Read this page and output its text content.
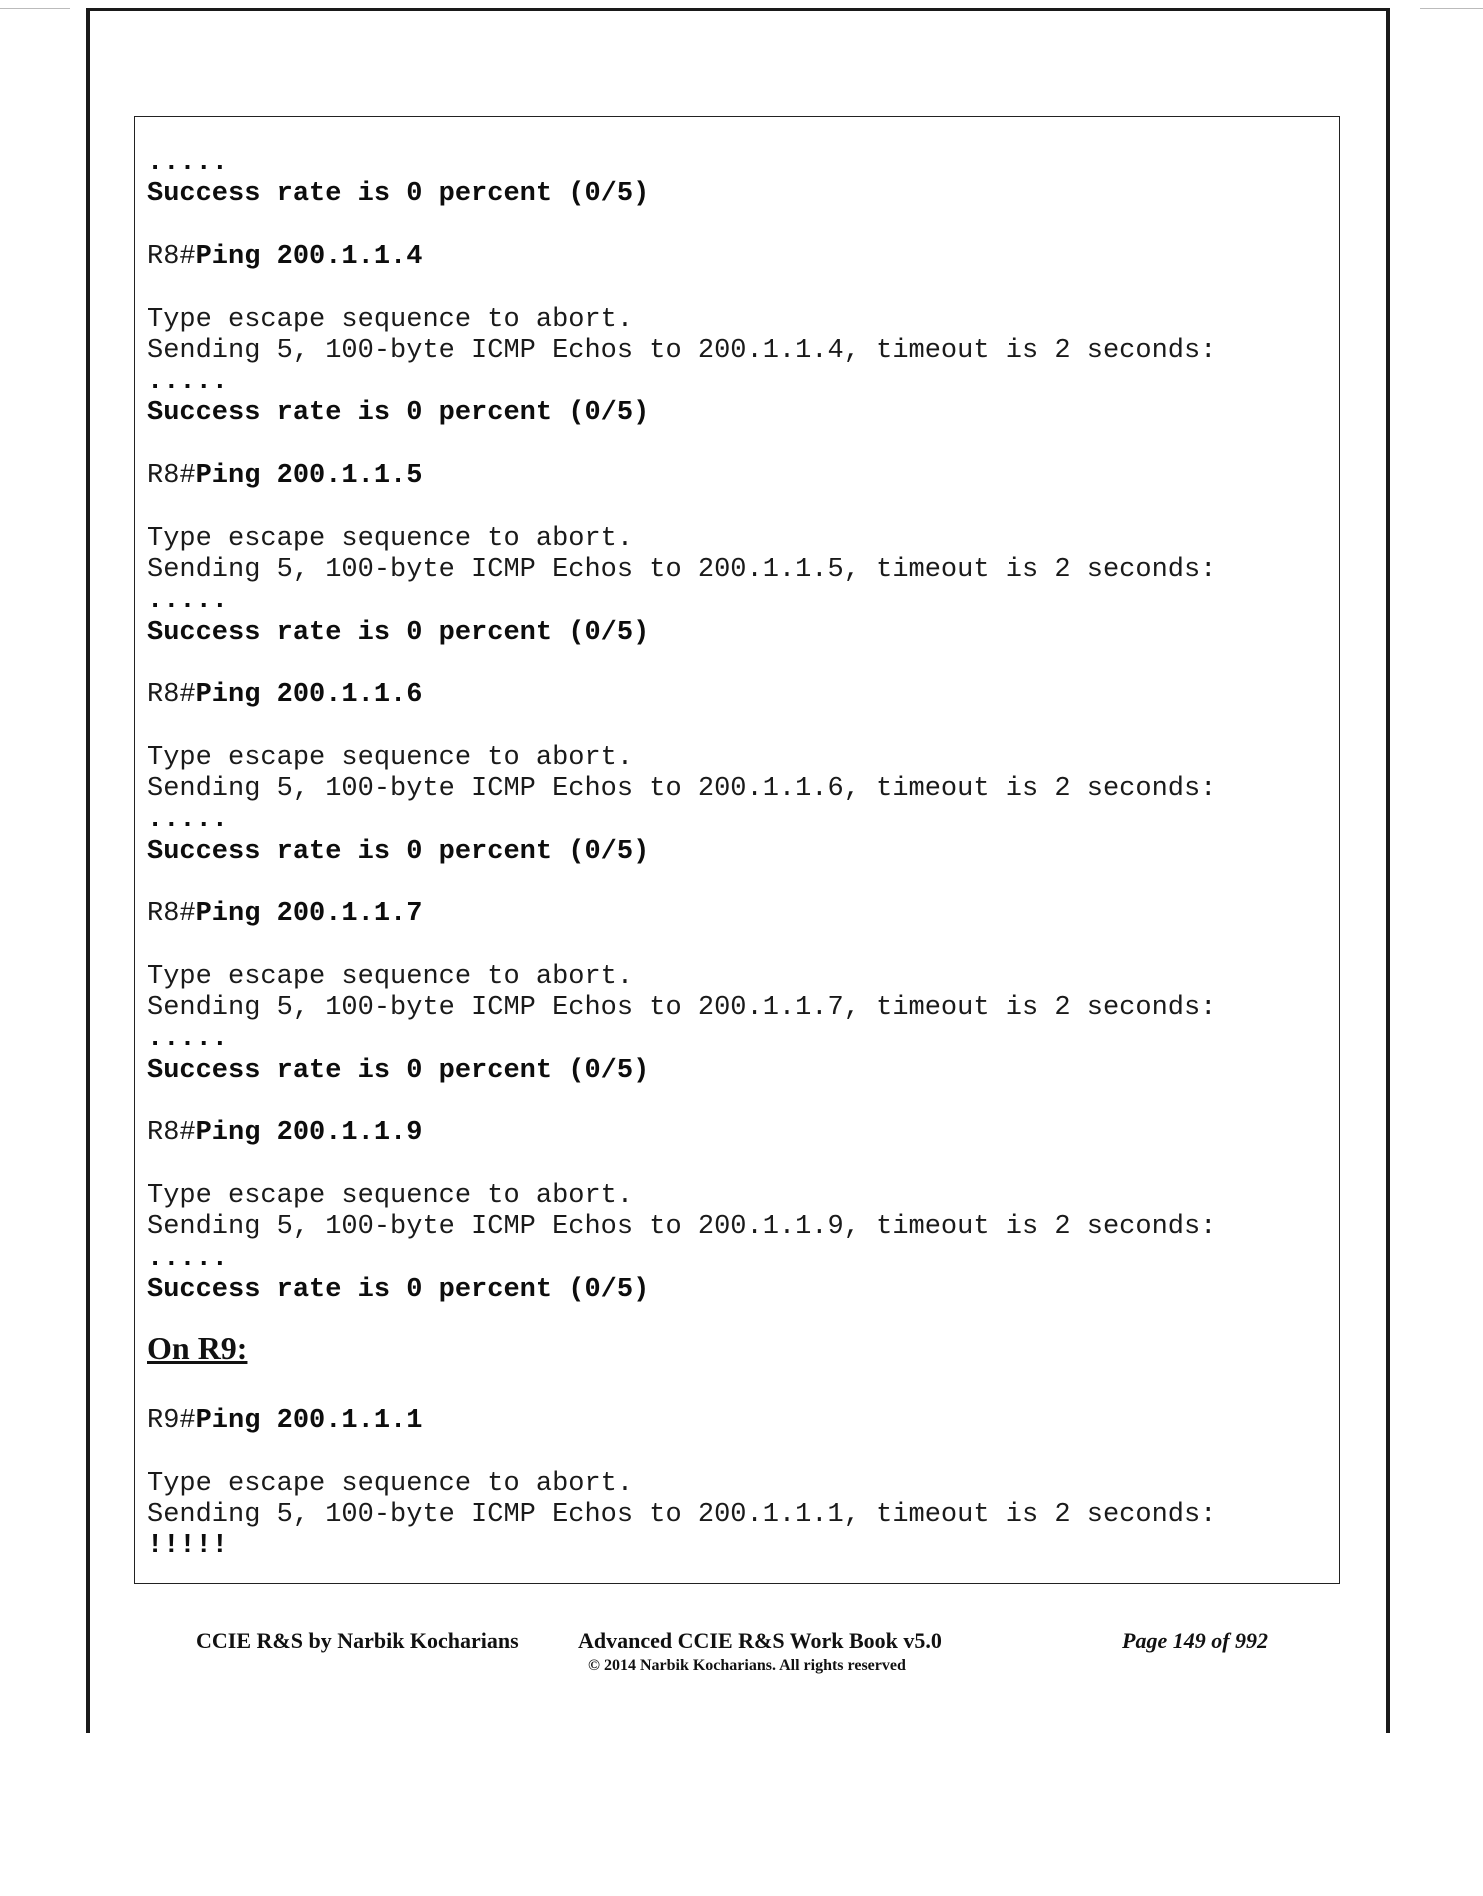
.....
Success rate is 0 percent (0/5)
R8#Ping 200.1.1.4
Type escape sequence to abort.
Sending 5, 100-byte ICMP Echos to 200.1.1.4, timeout is 2 seconds:
.....
Success rate is 0 percent (0/5)
R8#Ping 200.1.1.5
Type escape sequence to abort.
Sending 5, 100-byte ICMP Echos to 200.1.1.5, timeout is 2 seconds:
.....
Success rate is 0 percent (0/5)
R8#Ping 200.1.1.6
Type escape sequence to abort.
Sending 5, 100-byte ICMP Echos to 200.1.1.6, timeout is 2 seconds:
.....
Success rate is 0 percent (0/5)
R8#Ping 200.1.1.7
Type escape sequence to abort.
Sending 5, 100-byte ICMP Echos to 200.1.1.7, timeout is 2 seconds:
.....
Success rate is 0 percent (0/5)
R8#Ping 200.1.1.9
Type escape sequence to abort.
Sending 5, 100-byte ICMP Echos to 200.1.1.9, timeout is 2 seconds:
.....
Success rate is 0 percent (0/5)
On R9:
R9#Ping 200.1.1.1
Type escape sequence to abort.
Sending 5, 100-byte ICMP Echos to 200.1.1.1, timeout is 2 seconds:
!!!!!
CCIE R&S by Narbik Kocharians	Advanced CCIE R&S Work Book v5.0
© 2014 Narbik Kocharians. All rights reserved
Page 149 of 992
